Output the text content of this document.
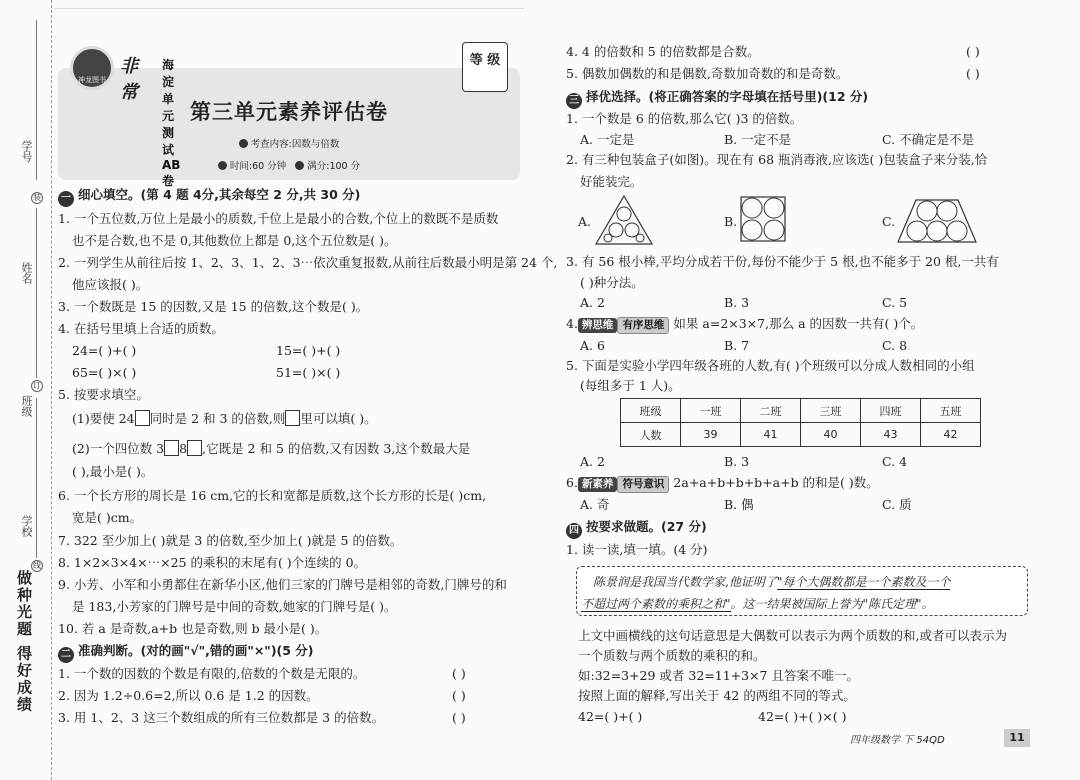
学号
装
姓名
订
班级
学校
线
做种光题 得好成绩
神龙图书
非常
海淀单元测试AB卷
等 级
第三单元素养评估卷
考查内容:因数与倍数
时间:60 分钟 满分:100 分
一 细心填空。(第 4 题 4分,其余每空 2 分,共 30 分)
1. 一个五位数,万位上是最小的质数,千位上是最小的合数,个位上的数既不是质数
也不是合数,也不是 0,其他数位上都是 0,这个五位数是( )。
2. 一列学生从前往后按 1、2、3、1、2、3⋯依次重复报数,从前往后数最小明是第 24 个,
他应该报( )。
3. 一个数既是 15 的因数,又是 15 的倍数,这个数是( )。
4. 在括号里填上合适的质数。
24=( )+( )	15=( )+( )
65=( )×( )	51=( )×( )
5. 按要求填空。
(1)要使 24 同时是 2 和 3 的倍数,则 里可以填( )。
(2)一个四位数 3 8 ,它既是 2 和 5 的倍数,又有因数 3,这个数最大是
( ),最小是( )。
6. 一个长方形的周长是 16 cm,它的长和宽都是质数,这个长方形的长是( )cm,
宽是( )cm。
7. 322 至少加上( )就是 3 的倍数,至少加上( )就是 5 的倍数。
8. 1×2×3×4×⋯×25 的乘积的末尾有( )个连续的 0。
9. 小芳、小军和小勇都住在新华小区,他们三家的门牌号是相邻的奇数,门牌号的和
是 183,小芳家的门牌号是中间的奇数,她家的门牌号是( )。
10. 若 a 是奇数,a+b 也是奇数,则 b 最小是( )。
二 准确判断。(对的画"√",错的画"×")(5 分)
1. 一个数的因数的个数是有限的,倍数的个数是无限的。	( )
2. 因为 1.2÷0.6=2,所以 0.6 是 1.2 的因数。	( )
3. 用 1、2、3 这三个数组成的所有三位数都是 3 的倍数。	( )
4. 4 的倍数和 5 的倍数都是合数。	( )
5. 偶数加偶数的和是偶数,奇数加奇数的和是奇数。	( )
三 择优选择。(将正确答案的字母填在括号里)(12 分)
1. 一个数是 6 的倍数,那么它( )3 的倍数。
A. 一定是	B. 一定不是	C. 不确定是不是
2. 有三种包装盒子(如图)。现在有 68 瓶消毒液,应该选( )包装盒子来分装,恰
好能装完。
A.	B.	C.
3. 有 56 根小棒,平均分成若干份,每份不能少于 5 根,也不能多于 20 根,一共有
( )种分法。
A. 2	B. 3	C. 5
4. 辨思维 有序思维 如果 a=2×3×7,那么 a 的因数一共有( )个。
A. 6	B. 7	C. 8
5. 下面是实验小学四年级各班的人数,有( )个班级可以分成人数相同的小组
(每组多于 1 人)。
班级	一班	二班	三班	四班	五班
人数	39	41	40	43	42
A. 2	B. 3	C. 4
6. 新素养 符号意识 2a+a+b+b+b+a+b 的和是( )数。
A. 奇	B. 偶	C. 质
四 按要求做题。(27 分)
1. 读一读,填一填。(4 分)
陈景润是我国当代数学家,他证明了"每个大偶数都是一个素数及一个
不超过两个素数的乘积之和"。这一结果被国际上誉为"陈氏定理"。
上文中画横线的这句话意思是大偶数可以表示为两个质数的和,或者可以表示为
一个质数与两个质数的乘积的和。
如:32=3+29 或者 32=11+3×7 且答案不唯一。
按照上面的解释,写出关于 42 的两组不同的等式。
42=( )+( )	42=( )+( )×( )
四年级数学 下 54QD	11
